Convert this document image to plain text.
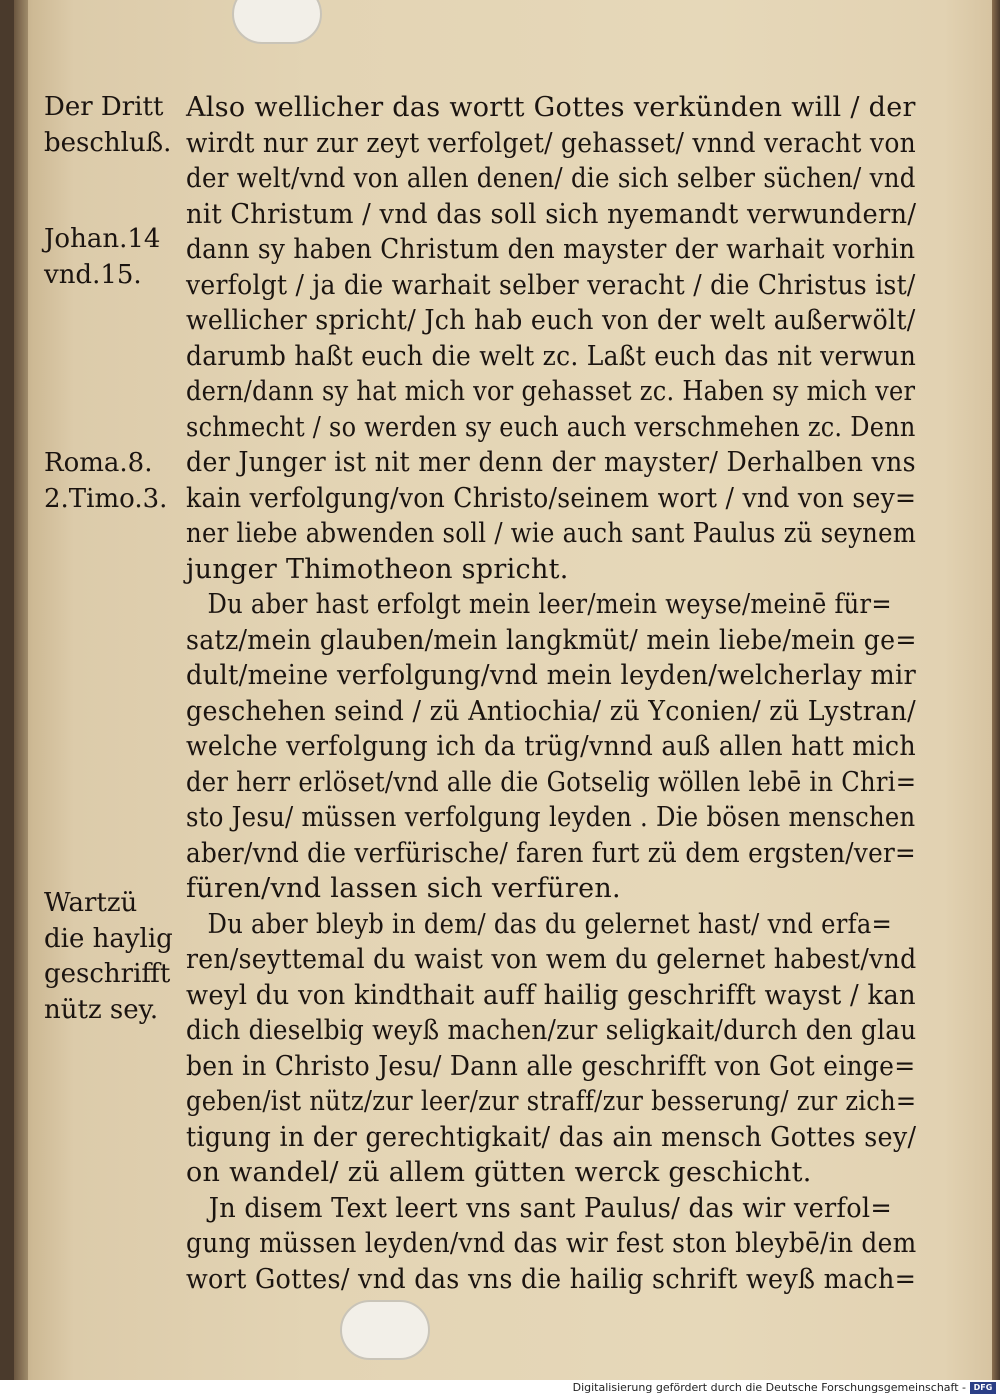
Also wellicher das wortt Gottes verkünden will / der
wirdt nur zur zeyt verfolget/ gehasset/ vnnd veracht von
der welt/vnd von allen denen/ die sich selber süchen/ vnd
nit Christum / vnd das soll sich nyemandt verwundern/
dann sy haben Christum den mayster der warhait vorhin
verfolgt / ja die warhait selber veracht / die Christus ist/
wellicher spricht/ Jch hab euch von der welt außerwölt/
darumb haßt euch die welt zc. Laßt euch das nit verwun
dern/dann sy hat mich vor gehasset zc. Haben sy mich ver
schmecht / so werden sy euch auch verschmehen zc. Denn
der Junger ist nit mer denn der mayster/ Derhalben vns
kain verfolgung/von Christo/seinem wort / vnd von sey=
ner liebe abwenden soll / wie auch sant Paulus zü seynem
junger Thimotheon spricht.
Du aber hast erfolgt mein leer/mein weyse/meinē für=
satz/mein glauben/mein langkmüt/ mein liebe/mein ge=
dult/meine verfolgung/vnd mein leyden/welcherlay mir
geschehen seind / zü Antiochia/ zü Yconien/ zü Lystran/
welche verfolgung ich da trüg/vnnd auß allen hatt mich
der herr erlöset/vnd alle die Gotselig wöllen lebē in Chri=
sto Jesu/ müssen verfolgung leyden . Die bösen menschen
aber/vnd die verfürische/ faren furt zü dem ergsten/ver=
füren/vnd lassen sich verfüren.
Du aber bleyb in dem/ das du gelernet hast/ vnd erfa=
ren/seyttemal du waist von wem du gelernet habest/vnd
weyl du von kindthait auff hailig geschrifft wayst / kan
dich dieselbig weyß machen/zur seligkait/durch den glau
ben in Christo Jesu/ Dann alle geschrifft von Got einge=
geben/ist nütz/zur leer/zur straff/zur besserung/ zur zich=
tigung in der gerechtigkait/ das ain mensch Gottes sey/
on wandel/ zü allem gütten werck geschicht.
Jn disem Text leert vns sant Paulus/ das wir verfol=
gung müssen leyden/vnd das wir fest ston bleybē/in dem
wort Gottes/ vnd das vns die hailig schrift weyß mach=
Der Dritt
beschluß.
Johan.14
vnd.15.
Roma.8.
2.Timo.3.
Wartzü
die haylig
geschrifft
nütz sey.
Digitalisierung gefördert durch die Deutsche Forschungsgemeinschaft - DFG
